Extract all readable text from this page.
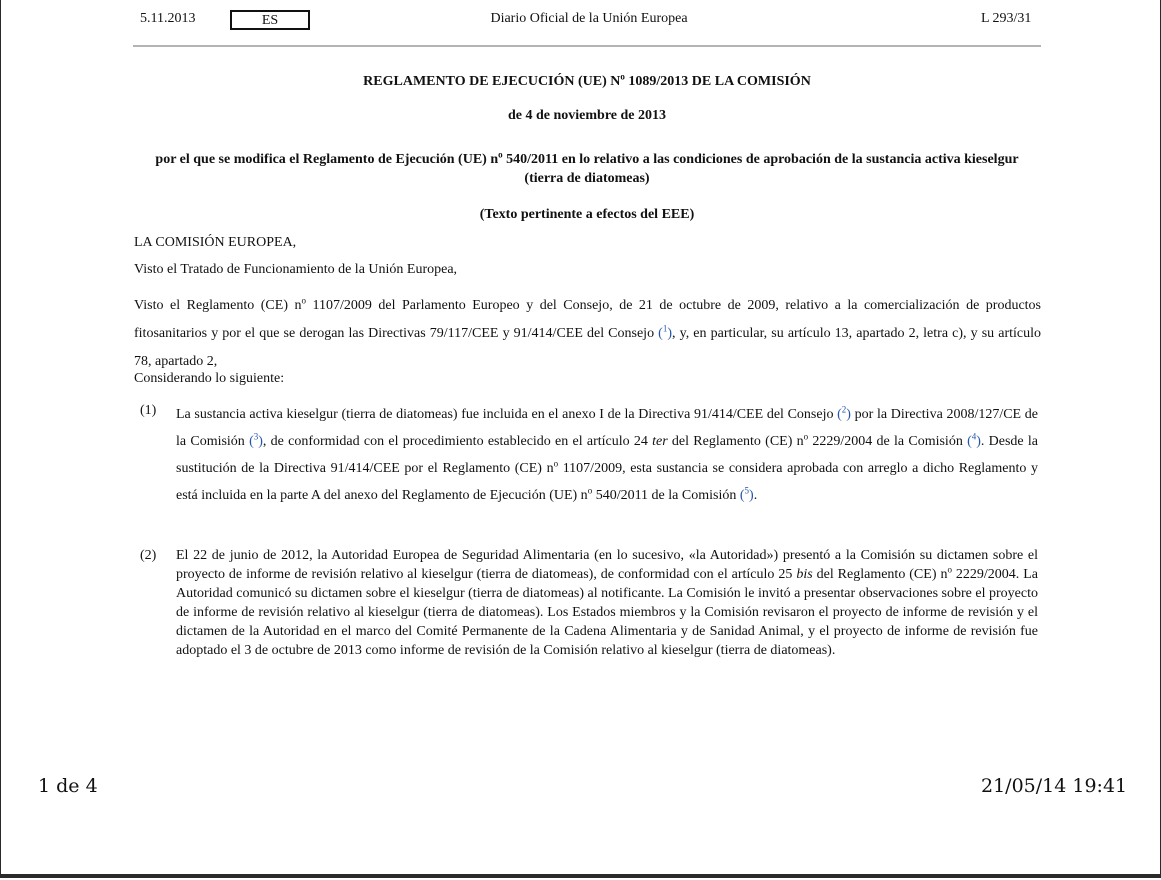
5.11.2013	ES	Diario Oficial de la Unión Europea	L 293/31
REGLAMENTO DE EJECUCIÓN (UE) $N^o$ 1089/2013 DE LA COMISIÓN
de 4 de noviembre de 2013
por el que se modifica el Reglamento de Ejecución (UE) $n^o$ 540/2011 en lo relativo a las condiciones de aprobación de la sustancia activa kieselgur (tierra de diatomeas)
(Texto pertinente a efectos del EEE)
LA COMISIÓN EUROPEA,
Visto el Tratado de Funcionamiento de la Unión Europea,
Visto el Reglamento (CE) $n^o$ 1107/2009 del Parlamento Europeo y del Consejo, de 21 de octubre de 2009, relativo a la comercialización de productos fitosanitarios y por el que se derogan las Directivas 79/117/CEE y 91/414/CEE del Consejo ($^1$), y, en particular, su artículo 13, apartado 2, letra c), y su artículo 78, apartado 2,
Considerando lo siguiente:
(1) La sustancia activa kieselgur (tierra de diatomeas) fue incluida en el anexo I de la Directiva 91/414/CEE del Consejo ($^2$) por la Directiva 2008/127/CE de la Comisión ($^3$), de conformidad con el procedimiento establecido en el artículo 24 ter del Reglamento (CE) $n^o$ 2229/2004 de la Comisión ($^4$). Desde la sustitución de la Directiva 91/414/CEE por el Reglamento (CE) $n^o$ 1107/2009, esta sustancia se considera aprobada con arreglo a dicho Reglamento y está incluida en la parte A del anexo del Reglamento de Ejecución (UE) $n^o$ 540/2011 de la Comisión ($^5$).
(2) El 22 de junio de 2012, la Autoridad Europea de Seguridad Alimentaria (en lo sucesivo, «la Autoridad») presentó a la Comisión su dictamen sobre el proyecto de informe de revisión relativo al kieselgur (tierra de diatomeas), de conformidad con el artículo 25 bis del Reglamento (CE) $n^o$ 2229/2004. La Autoridad comunicó su dictamen sobre el kieselgur (tierra de diatomeas) al notificante. La Comisión le invitó a presentar observaciones sobre el proyecto de informe de revisión relativo al kieselgur (tierra de diatomeas). Los Estados miembros y la Comisión revisaron el proyecto de informe de revisión y el dictamen de la Autoridad en el marco del Comité Permanente de la Cadena Alimentaria y de Sanidad Animal, y el proyecto de informe de revisión fue adoptado el 3 de octubre de 2013 como informe de revisión de la Comisión relativo al kieselgur (tierra de diatomeas).
1 de 4	21/05/14 19:41
